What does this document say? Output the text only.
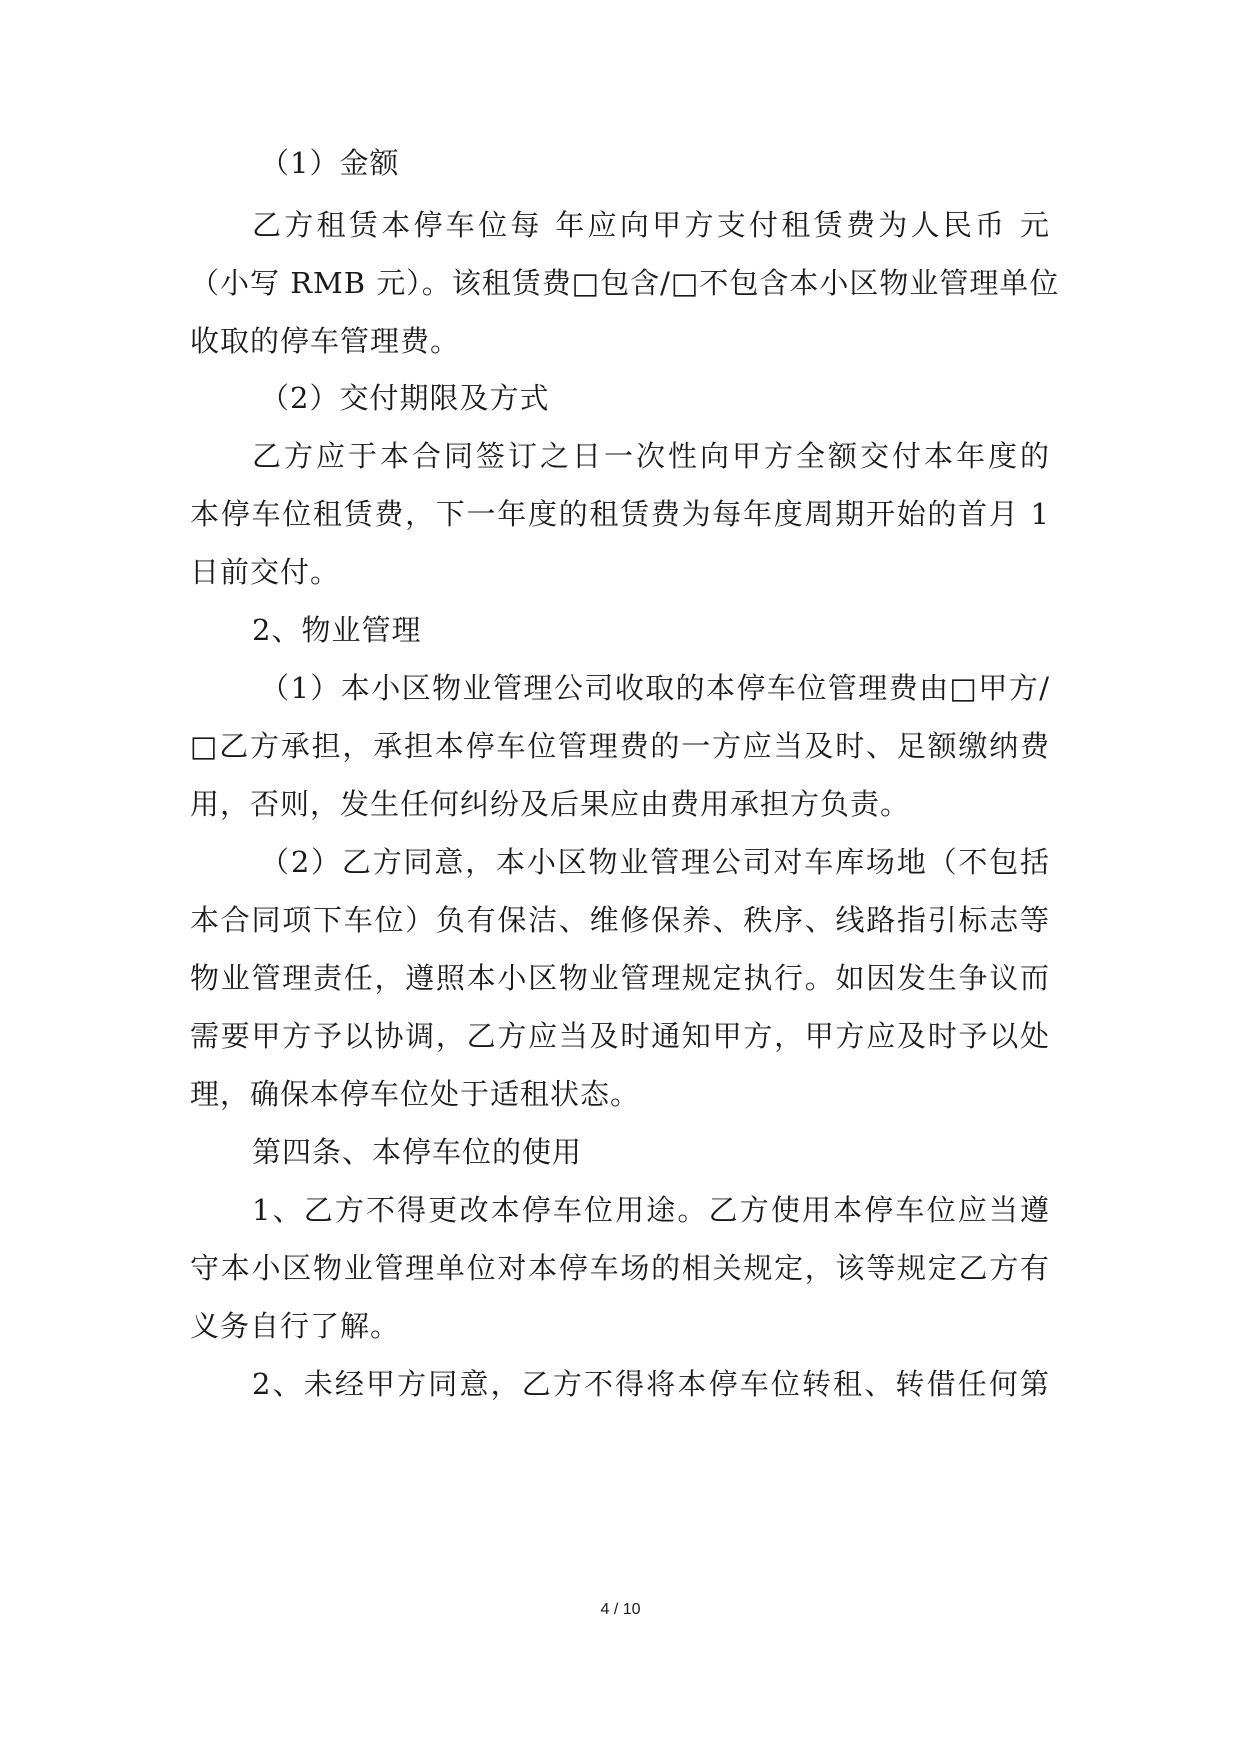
（1）金额
乙方租赁本停车位每 年应向甲方支付租赁费为人民币 元
（小写 RMB 元）。该租赁费□包含/□不包含本小区物业管理单位
收取的停车管理费。
（2）交付期限及方式
乙方应于本合同签订之日一次性向甲方全额交付本年度的
本停车位租赁费，下一年度的租赁费为每年度周期开始的首月 1
日前交付。
2、物业管理
（1）本小区物业管理公司收取的本停车位管理费由□甲方/
□乙方承担，承担本停车位管理费的一方应当及时、足额缴纳费
用，否则，发生任何纠纷及后果应由费用承担方负责。
（2）乙方同意，本小区物业管理公司对车库场地（不包括
本合同项下车位）负有保洁、维修保养、秩序、线路指引标志等
物业管理责任，遵照本小区物业管理规定执行。如因发生争议而
需要甲方予以协调，乙方应当及时通知甲方，甲方应及时予以处
理，确保本停车位处于适租状态。
第四条、本停车位的使用
1、乙方不得更改本停车位用途。乙方使用本停车位应当遵
守本小区物业管理单位对本停车场的相关规定，该等规定乙方有
义务自行了解。
2、未经甲方同意，乙方不得将本停车位转租、转借任何第
4 / 10
